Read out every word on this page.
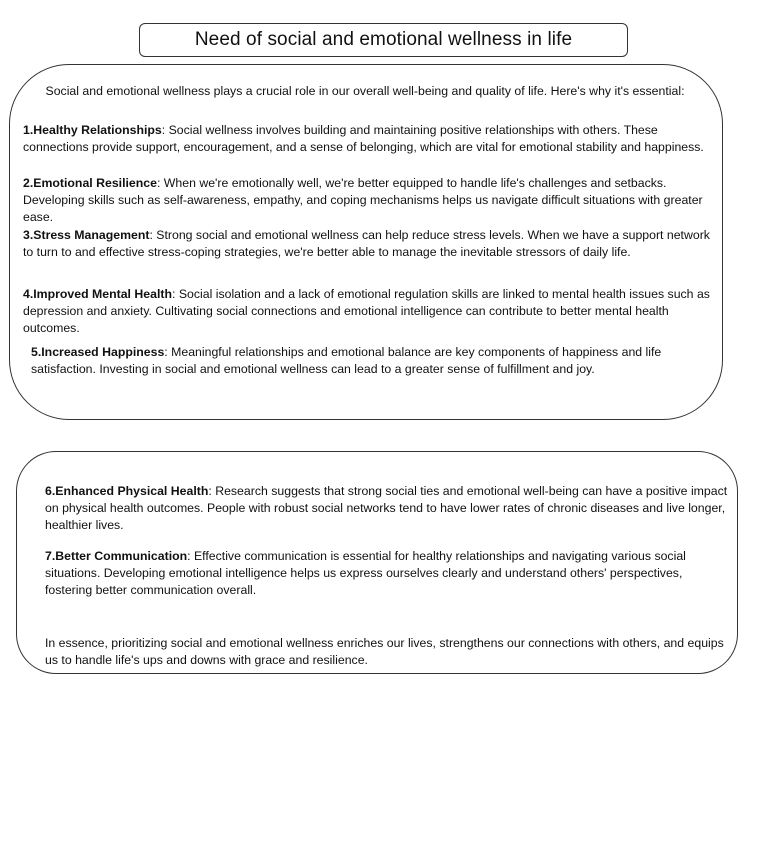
Need of social and emotional wellness in life
Social and emotional wellness plays a crucial role in our overall well-being and quality of life. Here's why it's essential:

1.Healthy Relationships: Social wellness involves building and maintaining positive relationships with others. These connections provide support, encouragement, and a sense of belonging, which are vital for emotional stability and happiness.

2.Emotional Resilience: When we're emotionally well, we're better equipped to handle life's challenges and setbacks. Developing skills such as self-awareness, empathy, and coping mechanisms helps us navigate difficult situations with greater ease.

3.Stress Management: Strong social and emotional wellness can help reduce stress levels. When we have a support network to turn to and effective stress-coping strategies, we're better able to manage the inevitable stressors of daily life.

4.Improved Mental Health: Social isolation and a lack of emotional regulation skills are linked to mental health issues such as depression and anxiety. Cultivating social connections and emotional intelligence can contribute to better mental health outcomes.

5.Increased Happiness: Meaningful relationships and emotional balance are key components of happiness and life satisfaction. Investing in social and emotional wellness can lead to a greater sense of fulfillment and joy.

6.Enhanced Physical Health: Research suggests that strong social ties and emotional well-being can have a positive impact on physical health outcomes. People with robust social networks tend to have lower rates of chronic diseases and live longer, healthier lives.

7.Better Communication: Effective communication is essential for healthy relationships and navigating various social situations. Developing emotional intelligence helps us express ourselves clearly and understand others' perspectives, fostering better communication overall.

In essence, prioritizing social and emotional wellness enriches our lives, strengthens our connections with others, and equips us to handle life's ups and downs with grace and resilience.
